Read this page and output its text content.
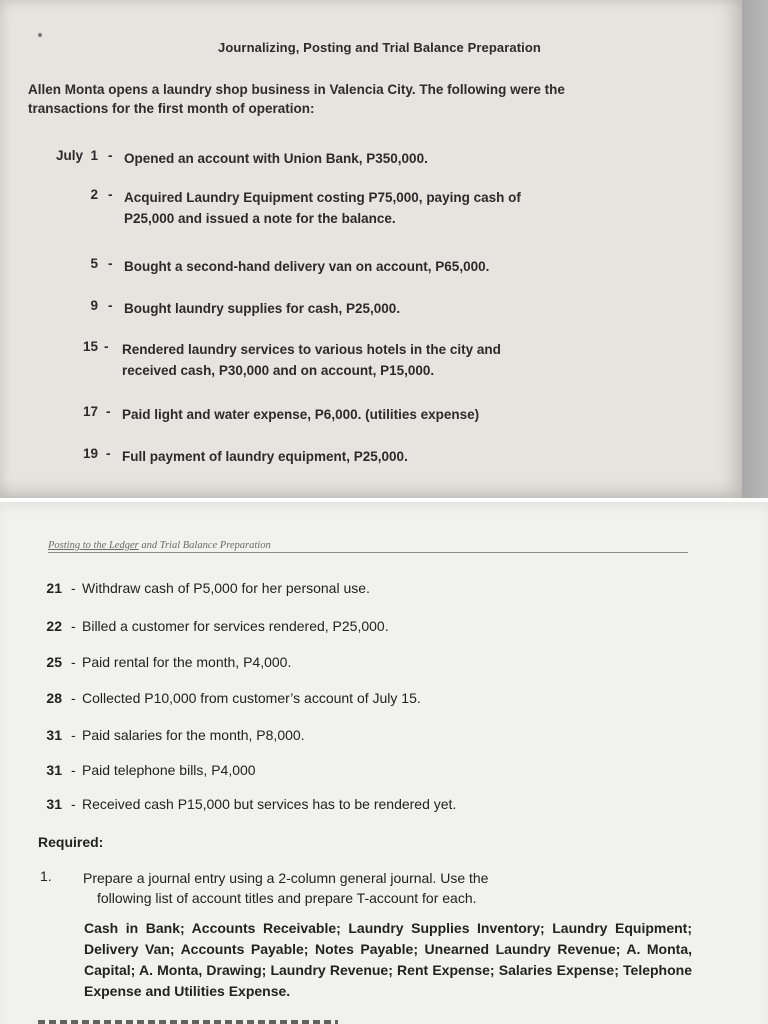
Journalizing, Posting and Trial Balance Preparation
Allen Monta opens a laundry shop business in Valencia City. The following were the
transactions for the first month of operation:
July 1 - Opened an account with Union Bank, P350,000.
2 - Acquired Laundry Equipment costing P75,000, paying cash of
P25,000 and issued a note for the balance.
5 - Bought a second-hand delivery van on account, P65,000.
9 - Bought laundry supplies for cash, P25,000.
15 - Rendered laundry services to various hotels in the city and
received cash, P30,000 and on account, P15,000.
17 - Paid light and water expense, P6,000. (utilities expense)
19 - Full payment of laundry equipment, P25,000.
Posting to the Ledger and Trial Balance Preparation
21 - Withdraw cash of P5,000 for her personal use.
22 - Billed a customer for services rendered, P25,000.
25 - Paid rental for the month, P4,000.
28 - Collected P10,000 from customer’s account of July 15.
31 - Paid salaries for the month, P8,000.
31 - Paid telephone bills, P4,000
31 - Received cash P15,000 but services has to be rendered yet.
Required:
1. Prepare a journal entry using a 2-column general journal. Use the
following list of account titles and prepare T-account for each.
Cash in Bank; Accounts Receivable; Laundry Supplies Inventory; Laundry Equipment; Delivery Van; Accounts Payable; Notes Payable; Unearned Laundry Revenue; A. Monta, Capital; A. Monta, Drawing; Laundry Revenue; Rent Expense; Salaries Expense; Telephone Expense and Utilities Expense.
